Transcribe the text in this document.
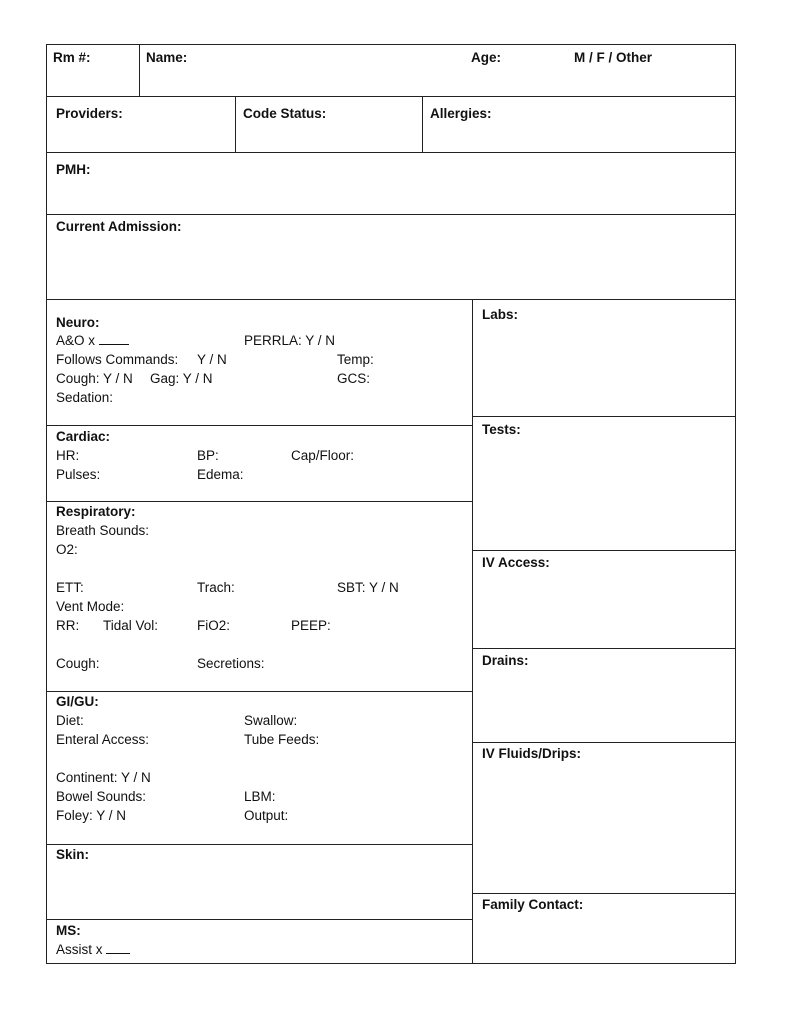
Rm #:	Name:	Age:	M / F / Other
Providers:	Code Status:	Allergies:
PMH:
Current Admission:
Neuro:
A&O x	PERRLA: Y / N
Follows Commands: Y / N	Temp:
Cough: Y / N Gag: Y / N	GCS:
Sedation:
Cardiac:
HR:	BP:	Cap/Floor:
Pulses:	Edema:
Respiratory:
Breath Sounds:
O2:
ETT:	Trach:	SBT: Y / N
Vent Mode:
RR: Tidal Vol:	FiO2:	PEEP:
Cough:	Secretions:
GI/GU:
Diet:	Swallow:
Enteral Access:	Tube Feeds:
Continent: Y / N
Bowel Sounds:	LBM:
Foley: Y / N	Output:
Skin:
MS:
Assist x
Labs:
Tests:
IV Access:
Drains:
IV Fluids/Drips:
Family Contact:
